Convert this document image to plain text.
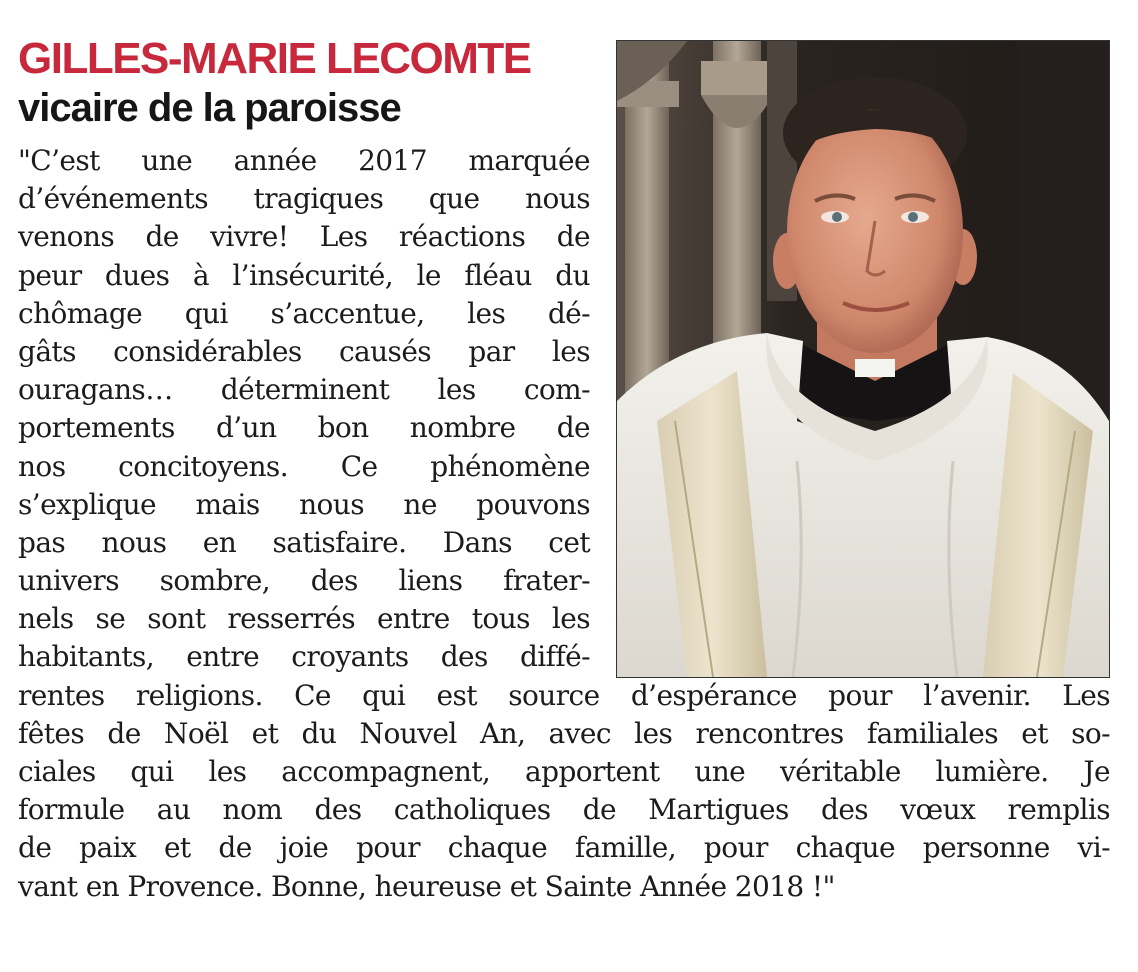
GILLES-MARIE LECOMTE
vicaire de la paroisse
"C’est une année 2017 marquée
d’événements tragiques que nous
venons de vivre! Les réactions de
peur dues à l’insécurité, le fléau du
chômage qui s’accentue, les dé-
gâts considérables causés par les
ouragans… déterminent les com-
portements d’un bon nombre de
nos concitoyens. Ce phénomène
s’explique mais nous ne pouvons
pas nous en satisfaire. Dans cet
univers sombre, des liens frater-
nels se sont resserrés entre tous les
habitants, entre croyants des diffé-
rentes religions. Ce qui est source d’espérance pour l’avenir. Les
fêtes de Noël et du Nouvel An, avec les rencontres familiales et so-
ciales qui les accompagnent, apportent une véritable lumière. Je
formule au nom des catholiques de Martigues des vœux remplis
de paix et de joie pour chaque famille, pour chaque personne vi-
vant en Provence. Bonne, heureuse et Sainte Année 2018 !"
